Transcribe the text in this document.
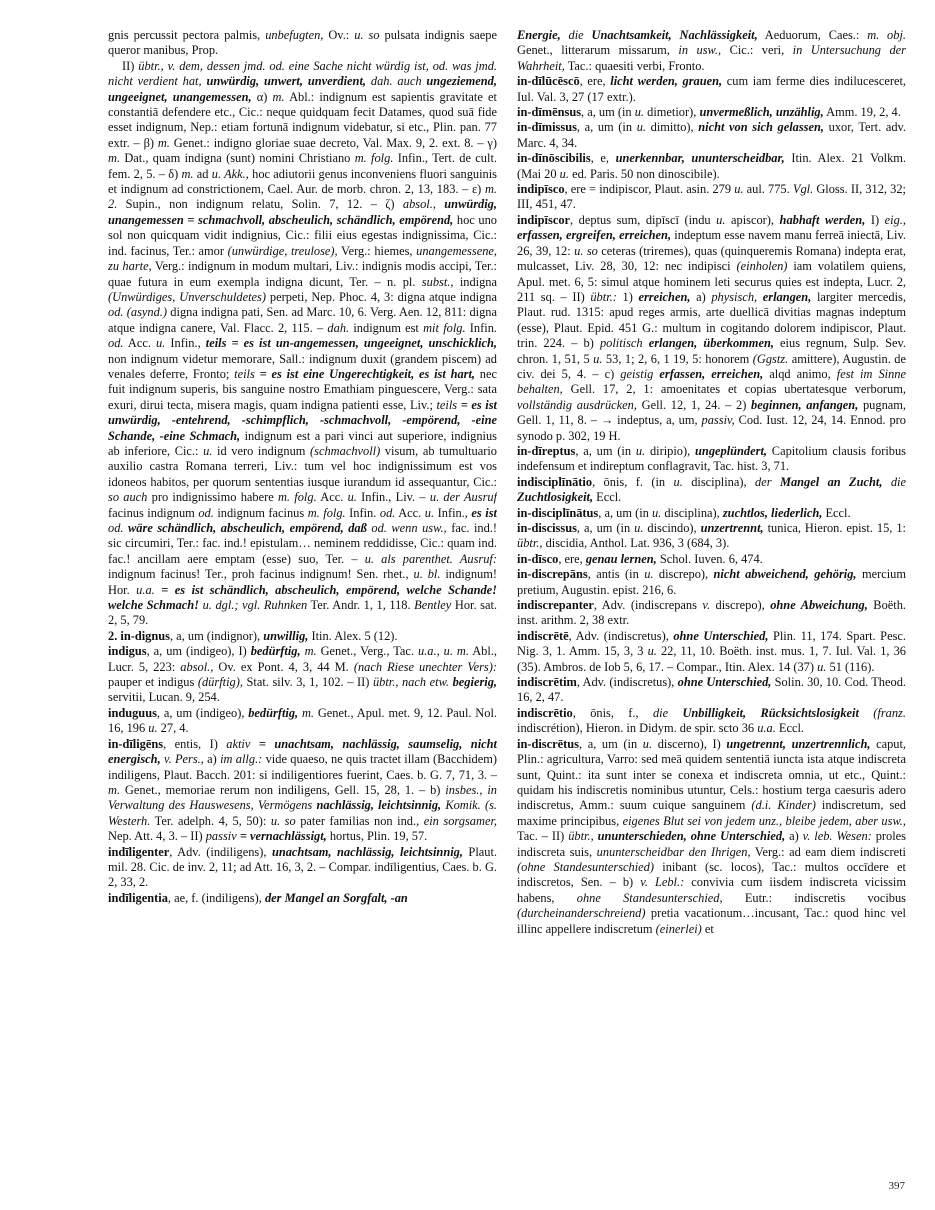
gnis percussit pectora palmis, unbefugten, Ov.: u. so pulsata indignis saepe queror manibus, Prop.

II) übtr., v. dem, dessen jmd. od. eine Sache nicht würdig ist, od. was jmd. nicht verdient hat, unwürdig, unwert, unverdient, dah. auch ungeziemend, ungeeignet, unangemessen, α) m. Abl.: indignum est sapientis gravitate et constantiā defendere etc., Cic.: neque quidquam fecit Datames, quod suā fide esset indignum, Nep.: etiam fortunā indignum videbatur, si etc., Plin. pan. 77 extr. – β) m. Genet.: indigno gloriae suae decreto, Val. Max. 9, 2. ext. 8. – γ) m. Dat., quam indigna (sunt) nomini Christiano m. folg. Infin., Tert. de cult. fem. 2, 5. – δ) m. ad u. Akk., hoc adiutorii genus inconveniens fluori sanguinis et indignum ad constrictionem, Cael. Aur. de morb. chron. 2, 13, 183. – ε) m. 2. Supin., non indignum relatu, Solin. 7, 12. – ζ) absol., unwürdig, unangemessen = schmachvoll, abscheulich, schändlich, empörend, hoc uno sol non quicquam vidit indignius, Cic.: filii eius egestas indignissima, Cic.: ind. facinus, Ter.: amor (unwürdige, treulose), Verg.: hiemes, unangemessene, zu harte, Verg.: indignum in modum multari, Liv.: indignis modis accipi, Ter.: quae futura in eum exempla indigna dicunt, Ter. – n. pl. subst., indigna (Unwürdiges, Unverschuldetes) perpeti, Nep. Phoc. 4, 3: digna atque indigna od. (asynd.) digna indigna pati, Sen. ad Marc. 10, 6. Verg. Aen. 12, 811: digna atque indigna canere, Val. Flacc. 2, 115. – dah. indignum est mit folg. Infin. od. Acc. u. Infin., teils = es ist un-angemessen, ungeeignet, unschicklich, non indignum videtur memorare, Sall.: indignum duxit (grandem piscem) ad venales deferre, Fronto; teils = es ist eine Ungerechtigkeit, es ist hart, nec fuit indignum superis, bis sanguine nostro Emathiam pinguescere, Verg.: sata exuri, dirui tecta, misera magis, quam indigna patienti esse, Liv.; teils = es ist unwürdig, -entehrend, -schimpflich, -schmachvoll, -empörend, -eine Schande, -eine Schmach, indignum est a pari vinci aut superiore, indignius ab inferiore, Cic.: u. id vero indignum (schmachvoll) visum, ab tumultuario auxilio castra Romana terreri, Liv.: tum vel hoc indignissimum est vos idoneos habitos, per quorum sententias iusque iurandum id assequantur, Cic.: so auch pro indignissimo habere m. folg. Acc. u. Infin., Liv. – u. der Ausruf facinus indignum od. indignum facinus m. folg. Infin. od. Acc. u. Infin., es ist od. wäre schändlich, abscheulich, empörend, daß od. wenn usw., fac. ind.! sic circumiri, Ter.: fac. ind.! epistulam… neminem reddidisse, Cic.: quam ind. fac.! ancillam aere emptam (esse) suo, Ter. – u. als parenthet. Ausruf: indignum facinus! Ter., proh facinus indignum! Sen. rhet., u. bl. indignum! Hor. u.a. = es ist schändlich, abscheulich, empörend, welche Schande! welche Schmach! u. dgl.; vgl. Ruhnken Ter. Andr. 1, 1, 118. Bentley Hor. sat. 2, 5, 79.

2. in-dignus, a, um (indignor), unwillig, Itin. Alex. 5 (12).

indigus, a, um (indigeo), I) bedürftig, m. Genet., Verg., Tac. u.a., u. m. Abl., Lucr. 5, 223: absol., Ov. ex Pont. 4, 3, 44 M. (nach Riese unechter Vers): pauper et indigus (dürftig), Stat. silv. 3, 1, 102. – II) übtr., nach etw. begierig, servitii, Lucan. 9, 254.

induguus, a, um (indigeo), bedürftig, m. Genet., Apul. met. 9, 12. Paul. Nol. 16, 196 u. 27, 4.

in-dīligēns, entis, I) aktiv = unachtsam, nachlässig, saumselig, nicht energisch, v. Pers., a) im allg.: vide quaeso, ne quis tractet illam (Bacchidem) indiligens, Plaut. Bacch. 201: si indiligentiores fuerint, Caes. b. G. 7, 71, 3. – m. Genet., memoriae rerum non indiligens, Gell. 15, 28, 1. – b) insbes., in Verwaltung des Hauswesens, Vermögens nachlässig, leichtsinnig, Komik. (s. Westerh. Ter. adelph. 4, 5, 50): u. so pater familias non ind., ein sorgsamer, Nep. Att. 4, 3. – II) passiv = vernachlässigt, hortus, Plin. 19, 57.

indīligenter, Adv. (indiligens), unachtsam, nachlässig, leichtsinnig, Plaut. mil. 28. Cic. de inv. 2, 11; ad Att. 16, 3, 2. – Compar. indīligentius, Caes. b. G. 2, 33, 2.

indīligentia, ae, f. (indiligens), der Mangel an Sorgfalt, -an

Energie, die Unachtsamkeit, Nachlässigkeit, Aeduorum, Caes.: m. obj. Genet., litterarum missarum, in usw., Cic.: veri, in Untersuchung der Wahrheit, Tac.: quaesiti verbi, Fronto.

in-dīlūcēscō, ere, licht werden, grauen, cum iam ferme dies indilucesceret, Iul. Val. 3, 27 (17 extr.).

in-dīmēnsus, a, um (in u. dimetior), unvermeßlich, unzählig, Amm. 19, 2, 4.

in-dīmissus, a, um (in u. dimitto), nicht von sich gelassen, uxor, Tert. adv. Marc. 4, 34.

in-dīnōscibilis, e, unerkennbar, ununterscheidbar, Itin. Alex. 21 Volkm. (Mai 20 u. ed. Paris. 50 non dinoscibile).

indipīsco, ere = indipiscor, Plaut. asin. 279 u. aul. 775. Vgl. Gloss. II, 312, 32; III, 451, 47.

indipīscor, deptus sum, dipīscī (indu u. apiscor), habhaft werden, I) eig., erfassen, ergreifen, erreichen, indeptum esse navem manu ferreā iniectā, Liv. 26, 39, 12: u. so ceteras (triremes), quas (quinqueremis Romana) indepta erat, mulcasset, Liv. 28, 30, 12: nec indipisci (einholen) iam volatilem quiens, Apul. met. 6, 5: simul atque hominem leti securus quies est indepta, Lucr. 2, 211 sq. – II) übtr.: 1) erreichen, a) physisch, erlangen, largiter mercedis, Plaut. rud. 1315: apud reges armis, arte duellicā divitias magnas indeptum (esse), Plaut. Epid. 451 G.: multum in cogitando dolorem indipiscor, Plaut. trin. 224. – b) politisch erlangen, überkommen, eius regnum, Sulp. Sev. chron. 1, 51, 5 u. 53, 1; 2, 6, 1 19, 5: honorem (Ggstz. amittere), Augustin. de civ. dei 5, 4. – c) geistig erfassen, erreichen, alqd animo, fest im Sinne behalten, Gell. 17, 2, 1: amoenitates et copias ubertatesque verborum, vollständig ausdrücken, Gell. 12, 1, 24. – 2) beginnen, anfangen, pugnam, Gell. 1, 11, 8. – → indeptus, a, um, passiv, Cod. Iust. 12, 24, 14. Ennod. pro synodo p. 302, 19 H.

in-dīreptus, a, um (in u. diripio), ungeplündert, Capitolium clausis foribus indefensum et indireptum conflagravit, Tac. hist. 3, 71.

indisciplīnātio, ōnis, f. (in u. disciplina), der Mangel an Zucht, die Zuchtlosigkeit, Eccl.

in-disciplīnātus, a, um (in u. disciplina), zuchtlos, liederlich, Eccl.

in-discissus, a, um (in u. discindo), unzertrennt, tunica, Hieron. epist. 15, 1: übtr., discidia, Anthol. Lat. 936, 3 (684, 3).

in-dīsco, ere, genau lernen, Schol. Iuven. 6, 474.

in-discrepāns, antis (in u. discrepo), nicht abweichend, gehörig, mercium pretium, Augustin. epist. 216, 6.

indiscrepanter, Adv. (indiscrepans v. discrepo), ohne Abweichung, Boëth. inst. arithm. 2, 38 extr.

indiscrētē, Adv. (indiscretus), ohne Unterschied, Plin. 11, 174. Spart. Pesc. Nig. 3, 1. Amm. 15, 3, 3 u. 22, 11, 10. Boëth. inst. mus. 1, 7. Iul. Val. 1, 36 (35). Ambros. de Iob 5, 6, 17. – Compar., Itin. Alex. 14 (37) u. 51 (116).

indiscrētim, Adv. (indiscretus), ohne Unterschied, Solin. 30, 10. Cod. Theod. 16, 2, 47.

indiscrētio, ōnis, f., die Unbilligkeit, Rücksichtslosigkeit (franz. indiscrétion), Hieron. in Didym. de spir. scto 36 u.a. Eccl.

in-discrētus, a, um (in u. discerno), I) ungetrennt, unzertrennlich, caput, Plin.: agricultura, Varro: sed meā quidem sententiā iuncta ista atque indiscreta sunt, Quint.: ita sunt inter se conexa et indiscreta omnia, ut etc., Quint.: quidam his indiscretis nominibus utuntur, Cels.: hostium terga caesuris adero indiscretus, Amm.: suum cuique sanguinem (d.i. Kinder) indiscretum, sed maxime principibus, eigenes Blut sei von jedem unz., bleibe jedem, aber usw., Tac. – II) übtr., ununterschieden, ohne Unterschied, a) v. leb. Wesen: proles indiscreta suis, ununterscheidbar den Ihrigen, Verg.: ad eam diem indiscreti (ohne Standesunterschied) inibant (sc. locos), Tac.: multos occīdere et indiscretos, Sen. – b) v. Lebl.: convivia cum iisdem indiscreta vicissim habens, ohne Standesunterschied, Eutr.: indiscretis vocibus (durcheinanderschreiend) pretia vacationum…incusant, Tac.: quod hinc vel illinc appellere indiscretum (einerlei) et

397
